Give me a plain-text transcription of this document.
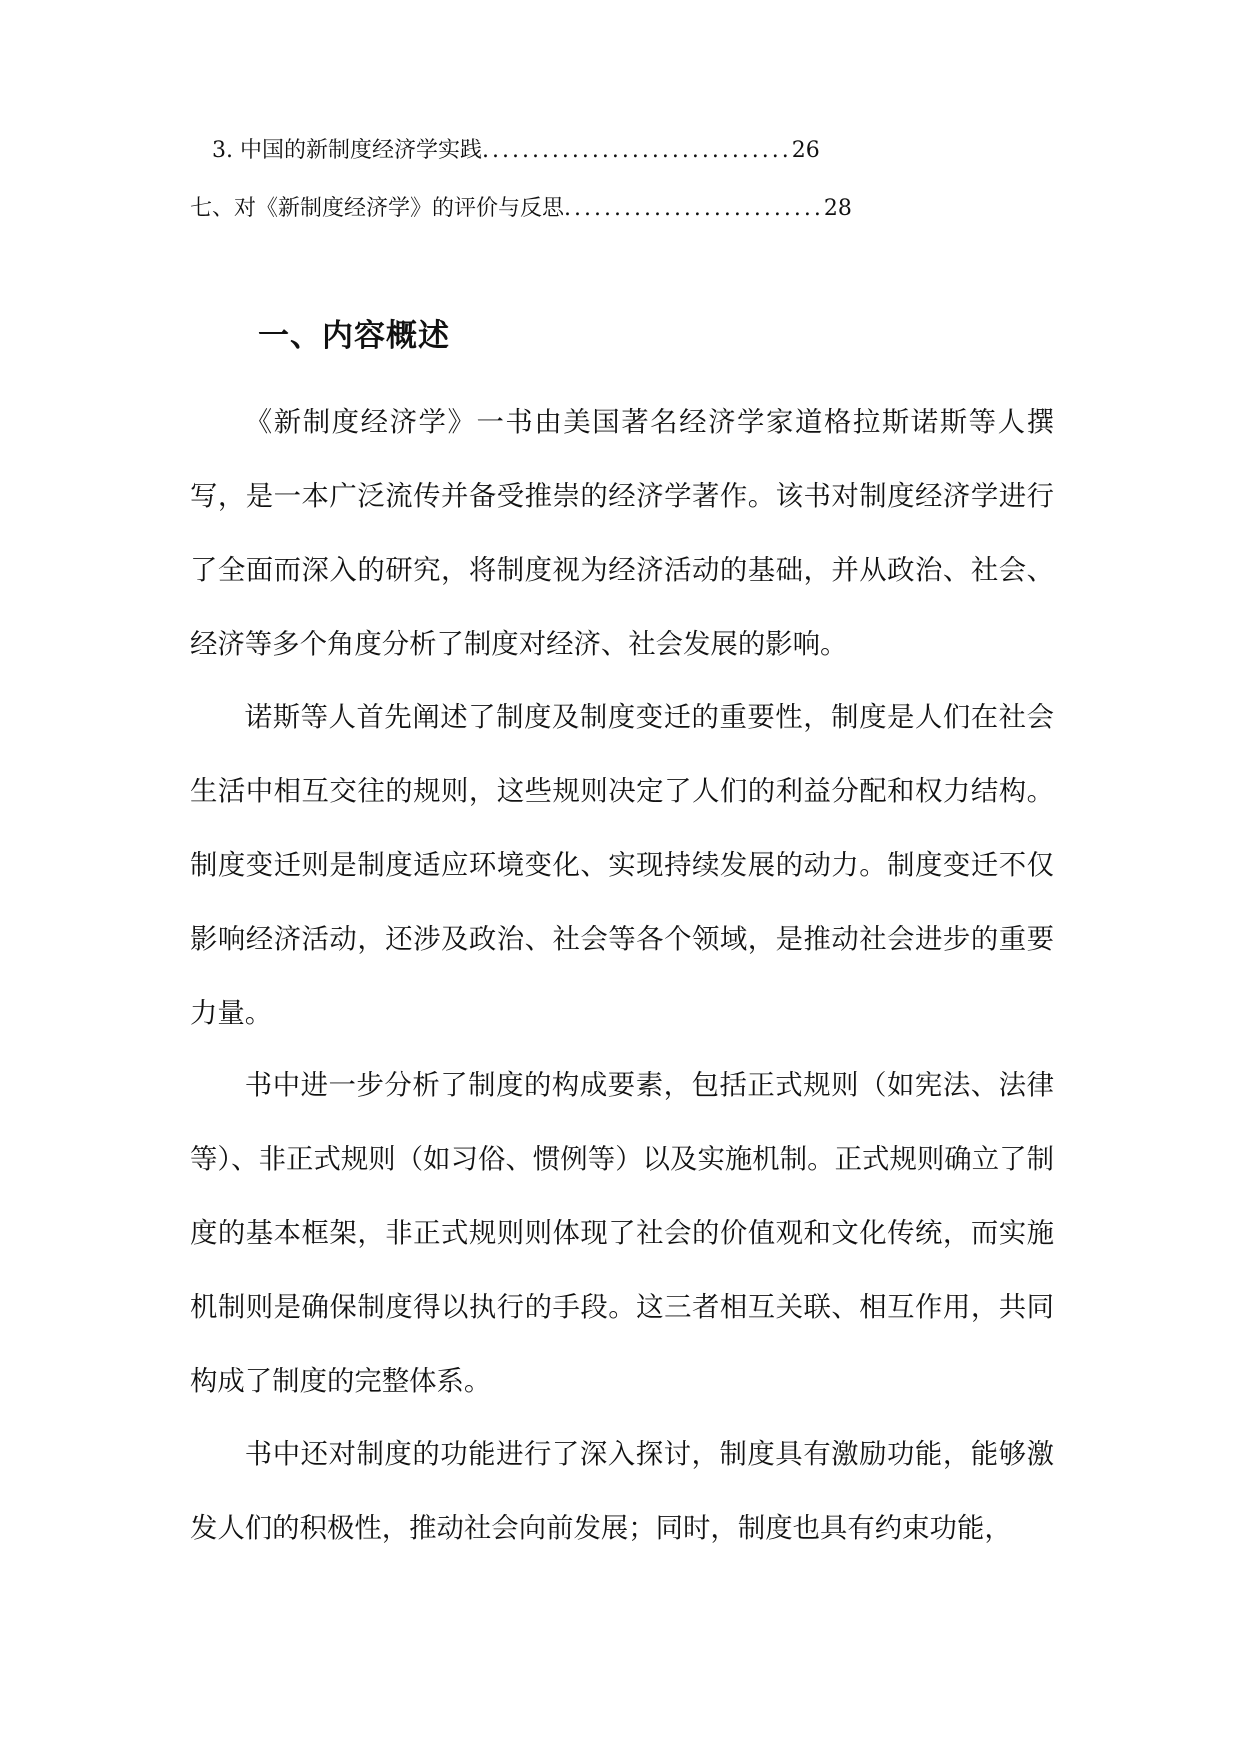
3. 中国的新制度经济学实践...............................26
七、对《新制度经济学》的评价与反思..........................28
一、内容概述

《新制度经济学》一书由美国著名经济学家道格拉斯诺斯等人撰写，是一本广泛流传并备受推崇的经济学著作。该书对制度经济学进行了全面而深入的研究，将制度视为经济活动的基础，并从政治、社会、经济等多个角度分析了制度对经济、社会发展的影响。

诺斯等人首先阐述了制度及制度变迁的重要性，制度是人们在社会生活中相互交往的规则，这些规则决定了人们的利益分配和权力结构。制度变迁则是制度适应环境变化、实现持续发展的动力。制度变迁不仅影响经济活动，还涉及政治、社会等各个领域，是推动社会进步的重要力量。

书中进一步分析了制度的构成要素，包括正式规则（如宪法、法律等）、非正式规则（如习俗、惯例等）以及实施机制。正式规则确立了制度的基本框架，非正式规则则体现了社会的价值观和文化传统，而实施机制则是确保制度得以执行的手段。这三者相互关联、相互作用，共同构成了制度的完整体系。

书中还对制度的功能进行了深入探讨，制度具有激励功能，能够激发人们的积极性，推动社会向前发展；同时，制度也具有约束功能，
